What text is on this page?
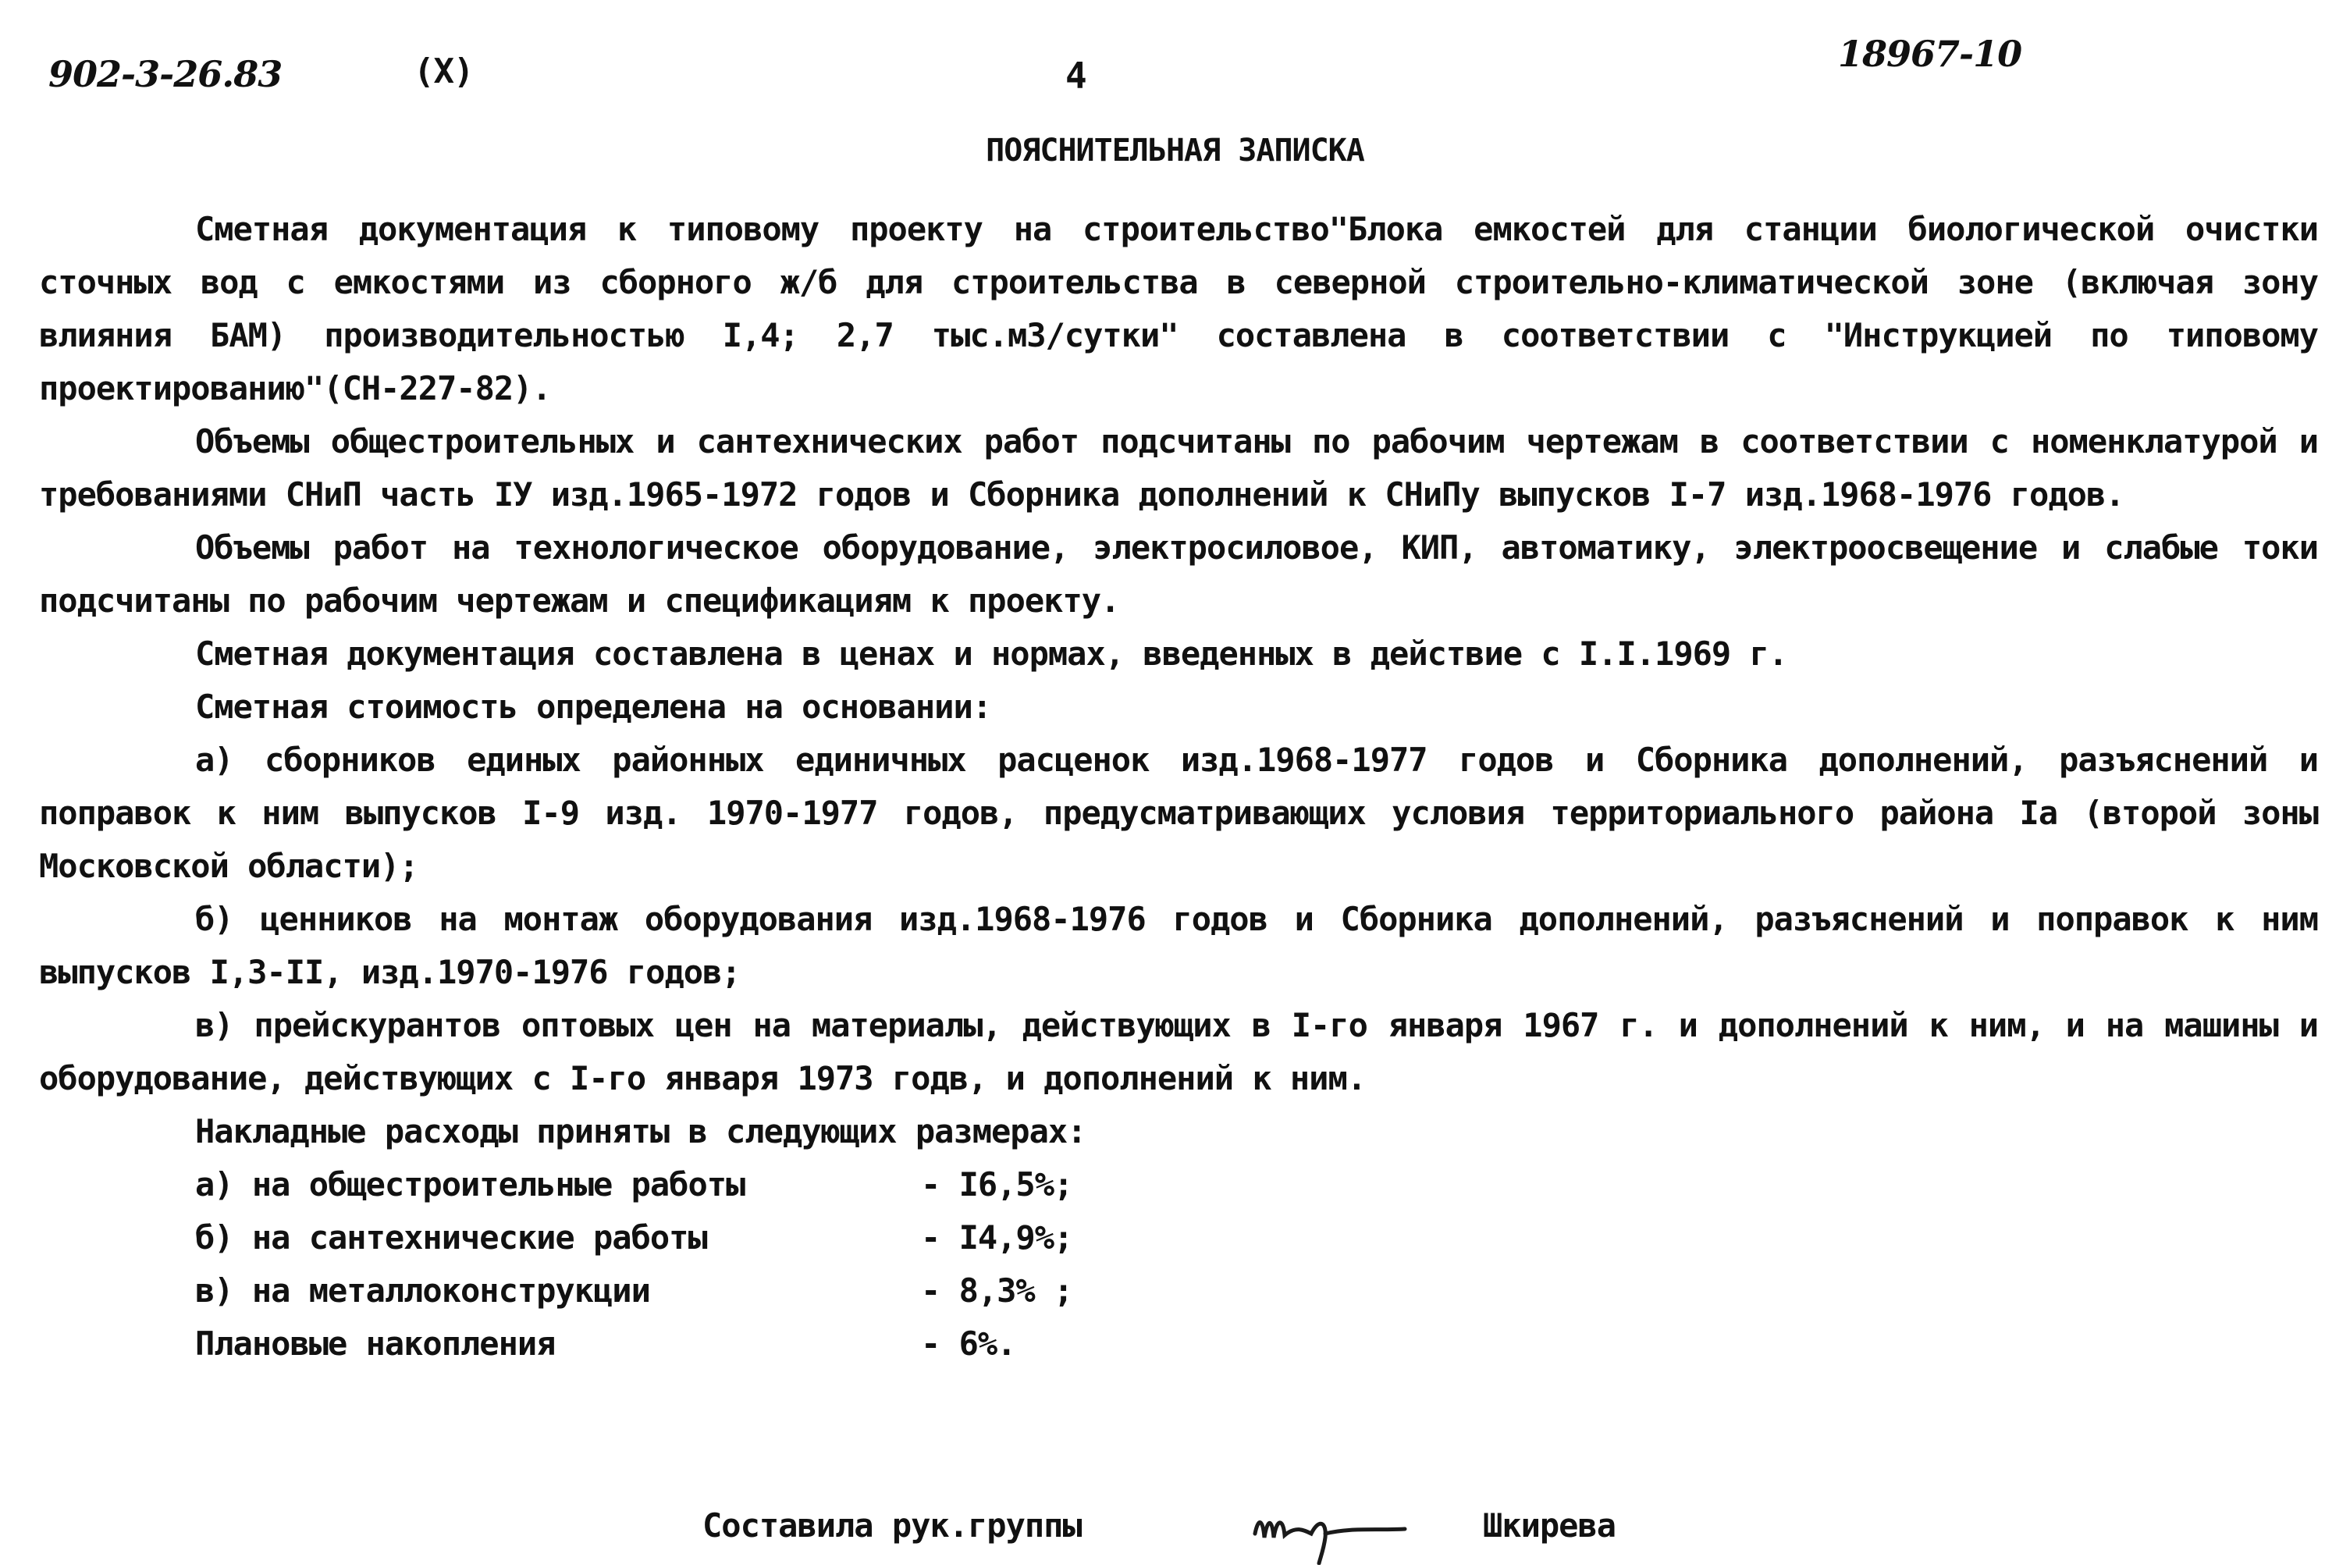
902-3-26.83	(X)	4
18967-10
ПОЯСНИТЕЛЬНАЯ ЗАПИСКА

Сметная документация к типовому проекту на строительство"Блока емкостей для станции биологической очистки сточных вод с емкостями из сборного ж/б для строительства в северной строительно-климатической зоне (включая зону влияния БАМ) производительностью I,4; 2,7 тыс.м3/сутки" составлена в соответствии с "Инструкцией по типовому проектированию"(СН-227-82).

Объемы общестроительных и сантехнических работ подсчитаны по рабочим чертежам в соответствии с номенклатурой и требованиями СНиП часть IУ изд.1965-1972 годов и Сборника дополнений к СНиПу выпусков I-7 изд.1968-1976 годов.

Объемы работ на технологическое оборудование, электросиловое, КИП, автоматику, электроосвещение и слабые токи подсчитаны по рабочим чертежам и спецификациям к проекту.

Сметная документация составлена в ценах и нормах, введенных в действие с I.I.1969 г.

Сметная стоимость определена на основании:

а) сборников единых районных единичных расценок изд.1968-1977 годов и Сборника дополнений, разъяснений и поправок к ним выпусков I-9 изд. 1970-1977 годов, предусматривающих условия территориального района Iа (второй зоны Московской области);

б) ценников на монтаж оборудования изд.1968-1976 годов и Сборника дополнений, разъяснений и поправок к ним выпусков I,3-II, изд.1970-1976 годов;

в) прейскурантов оптовых цен на материалы, действующих в I-го января 1967 г. и дополнений к ним, и на машины и оборудование, действующих с I-го января 1973 годв, и дополнений к ним.

Накладные расходы приняты в следующих размерах:

а) на общестроительные работы	- I6,5%;
б) на сантехнические работы	- I4,9%;
в) на металлоконструкции	- 8,3% ;
Плановые накопления	- 6%.
Составила рук.группы	Шкирева
